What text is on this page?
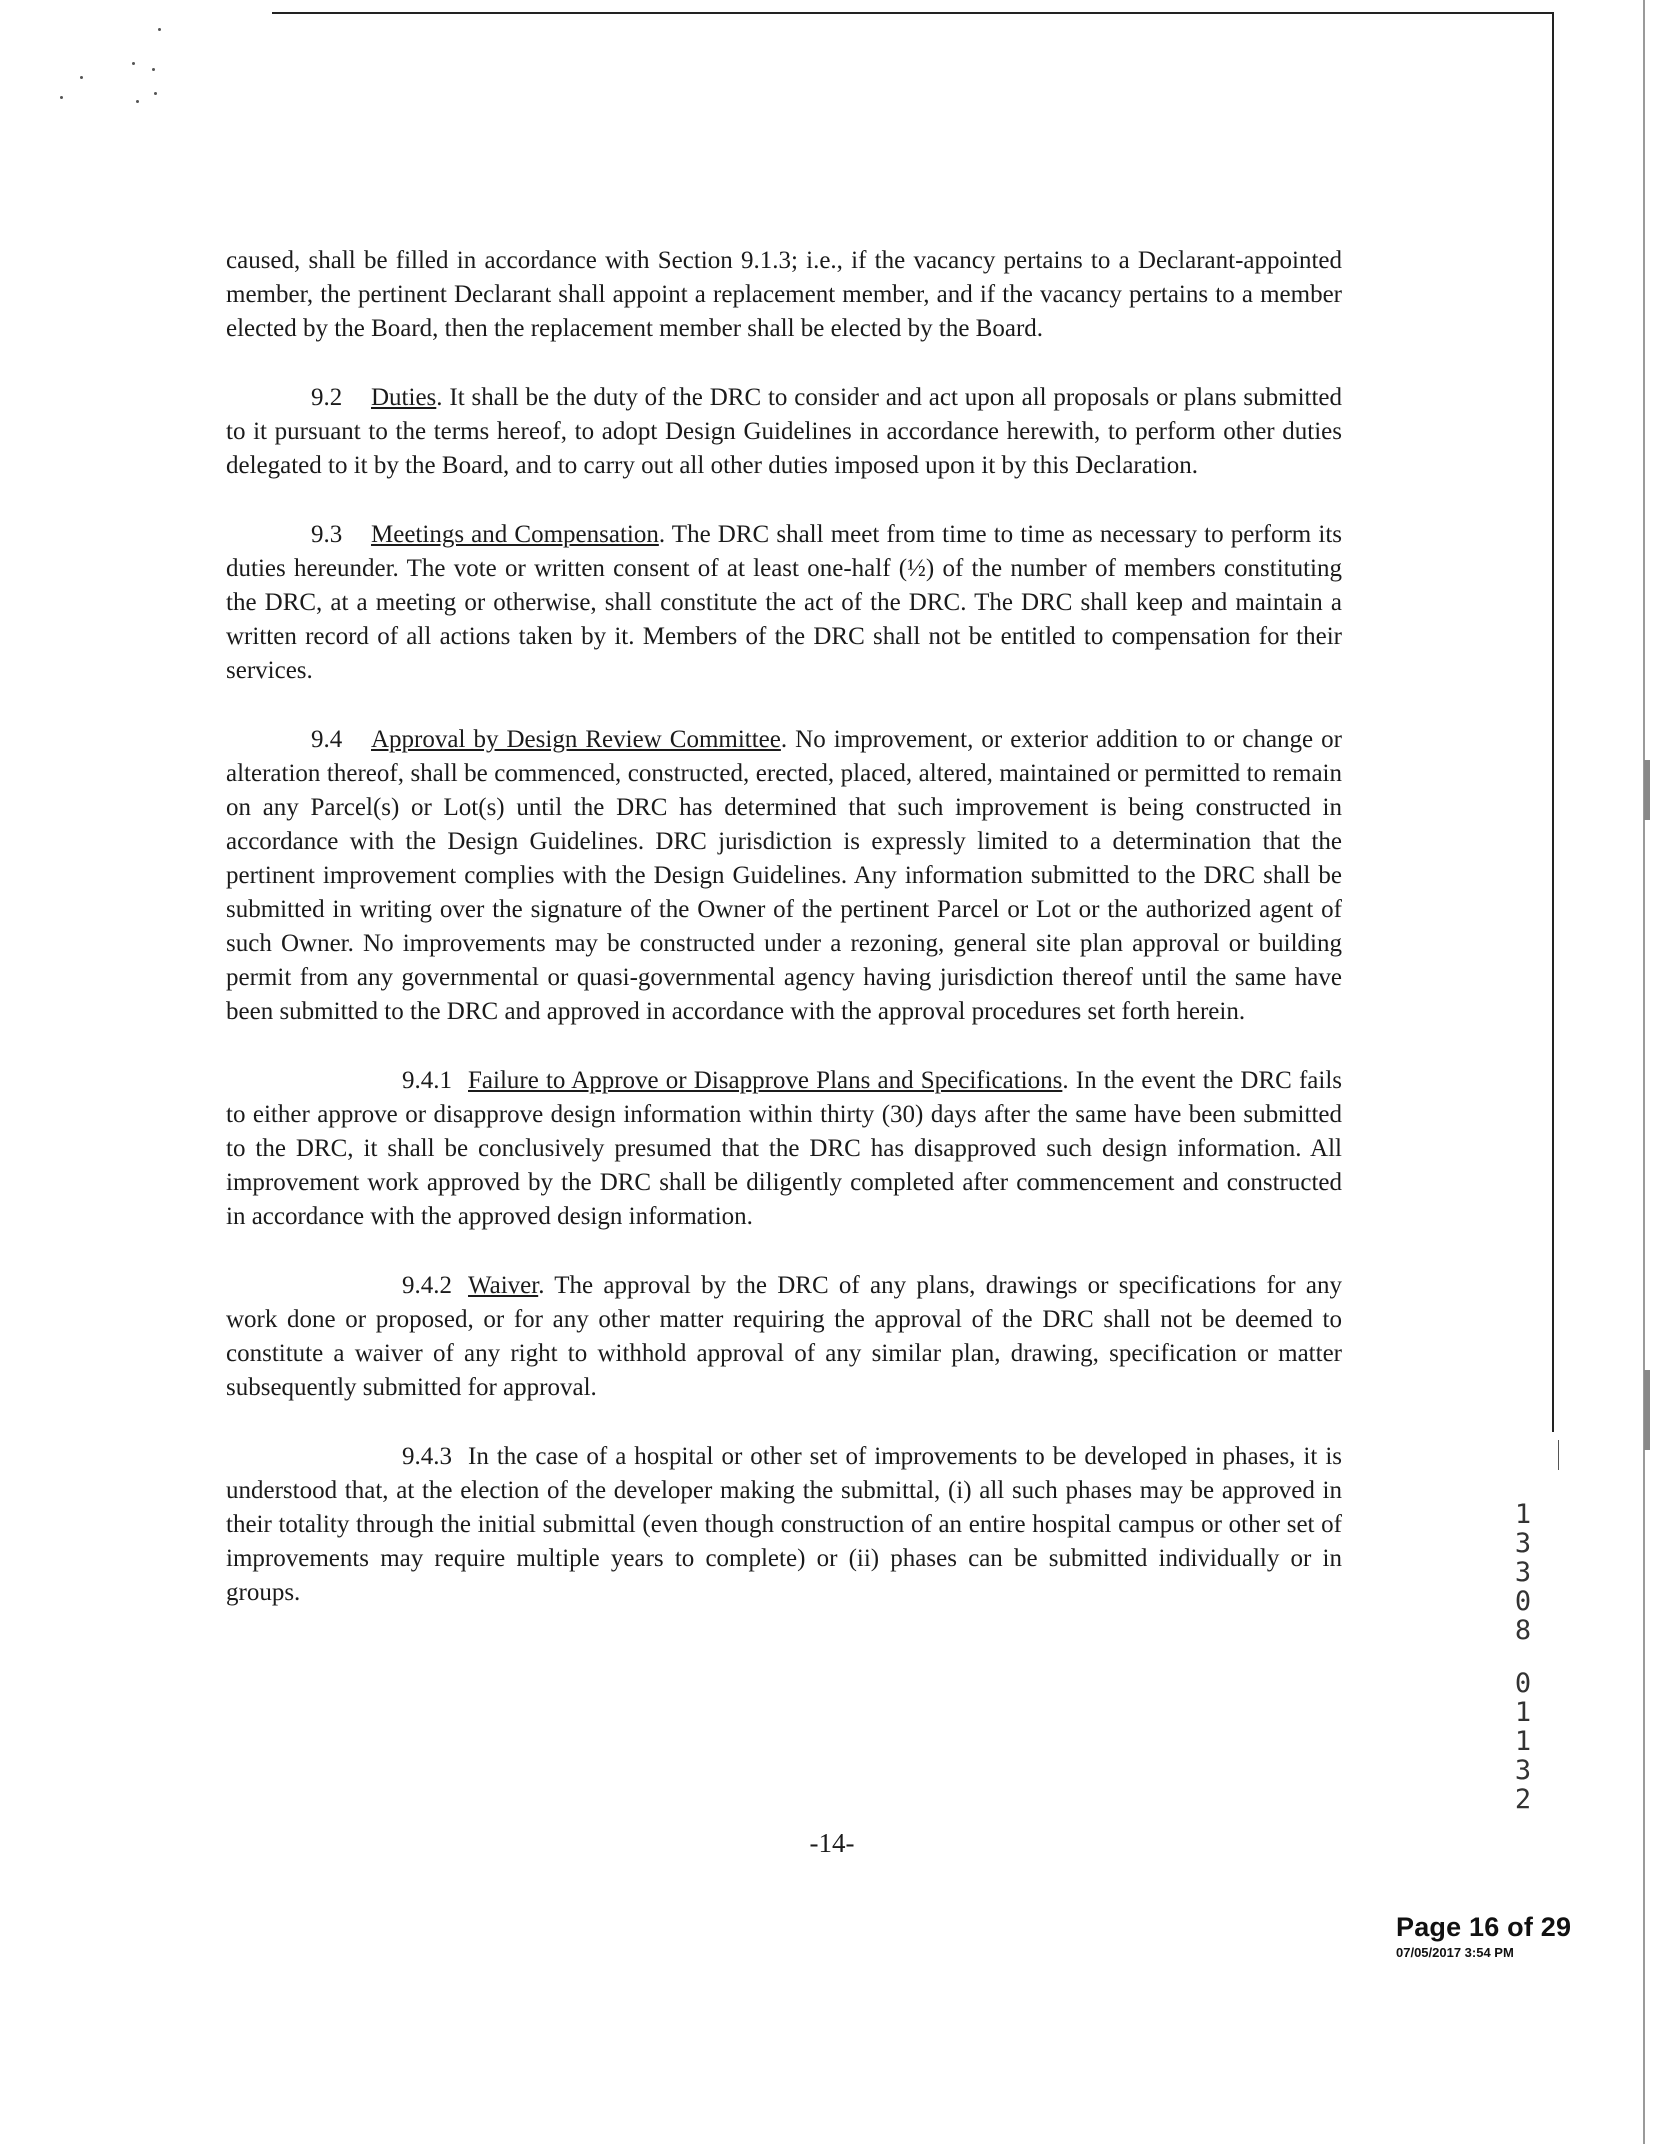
caused, shall be filled in accordance with Section 9.1.3; i.e., if the vacancy pertains to a Declarant-appointed member, the pertinent Declarant shall appoint a replacement member, and if the vacancy pertains to a member elected by the Board, then the replacement member shall be elected by the Board.

9.2 Duties. It shall be the duty of the DRC to consider and act upon all proposals or plans submitted to it pursuant to the terms hereof, to adopt Design Guidelines in accordance herewith, to perform other duties delegated to it by the Board, and to carry out all other duties imposed upon it by this Declaration.

9.3 Meetings and Compensation. The DRC shall meet from time to time as necessary to perform its duties hereunder. The vote or written consent of at least one-half (½) of the number of members constituting the DRC, at a meeting or otherwise, shall constitute the act of the DRC. The DRC shall keep and maintain a written record of all actions taken by it. Members of the DRC shall not be entitled to compensation for their services.

9.4 Approval by Design Review Committee. No improvement, or exterior addition to or change or alteration thereof, shall be commenced, constructed, erected, placed, altered, maintained or permitted to remain on any Parcel(s) or Lot(s) until the DRC has determined that such improvement is being constructed in accordance with the Design Guidelines. DRC jurisdiction is expressly limited to a determination that the pertinent improvement complies with the Design Guidelines. Any information submitted to the DRC shall be submitted in writing over the signature of the Owner of the pertinent Parcel or Lot or the authorized agent of such Owner. No improvements may be constructed under a rezoning, general site plan approval or building permit from any governmental or quasi-governmental agency having jurisdiction thereof until the same have been submitted to the DRC and approved in accordance with the approval procedures set forth herein.

9.4.1 Failure to Approve or Disapprove Plans and Specifications. In the event the DRC fails to either approve or disapprove design information within thirty (30) days after the same have been submitted to the DRC, it shall be conclusively presumed that the DRC has disapproved such design information. All improvement work approved by the DRC shall be diligently completed after commencement and constructed in accordance with the approved design information.

9.4.2 Waiver. The approval by the DRC of any plans, drawings or specifications for any work done or proposed, or for any other matter requiring the approval of the DRC shall not be deemed to constitute a waiver of any right to withhold approval of any similar plan, drawing, specification or matter subsequently submitted for approval.

9.4.3 In the case of a hospital or other set of improvements to be developed in phases, it is understood that, at the election of the developer making the submittal, (i) all such phases may be approved in their totality through the initial submittal (even though construction of an entire hospital campus or other set of improvements may require multiple years to complete) or (ii) phases can be submitted individually or in groups.

-14-
1
3
3
0
8
0
1
1
3
2
Page 16 of 29
07/05/2017 3:54 PM
